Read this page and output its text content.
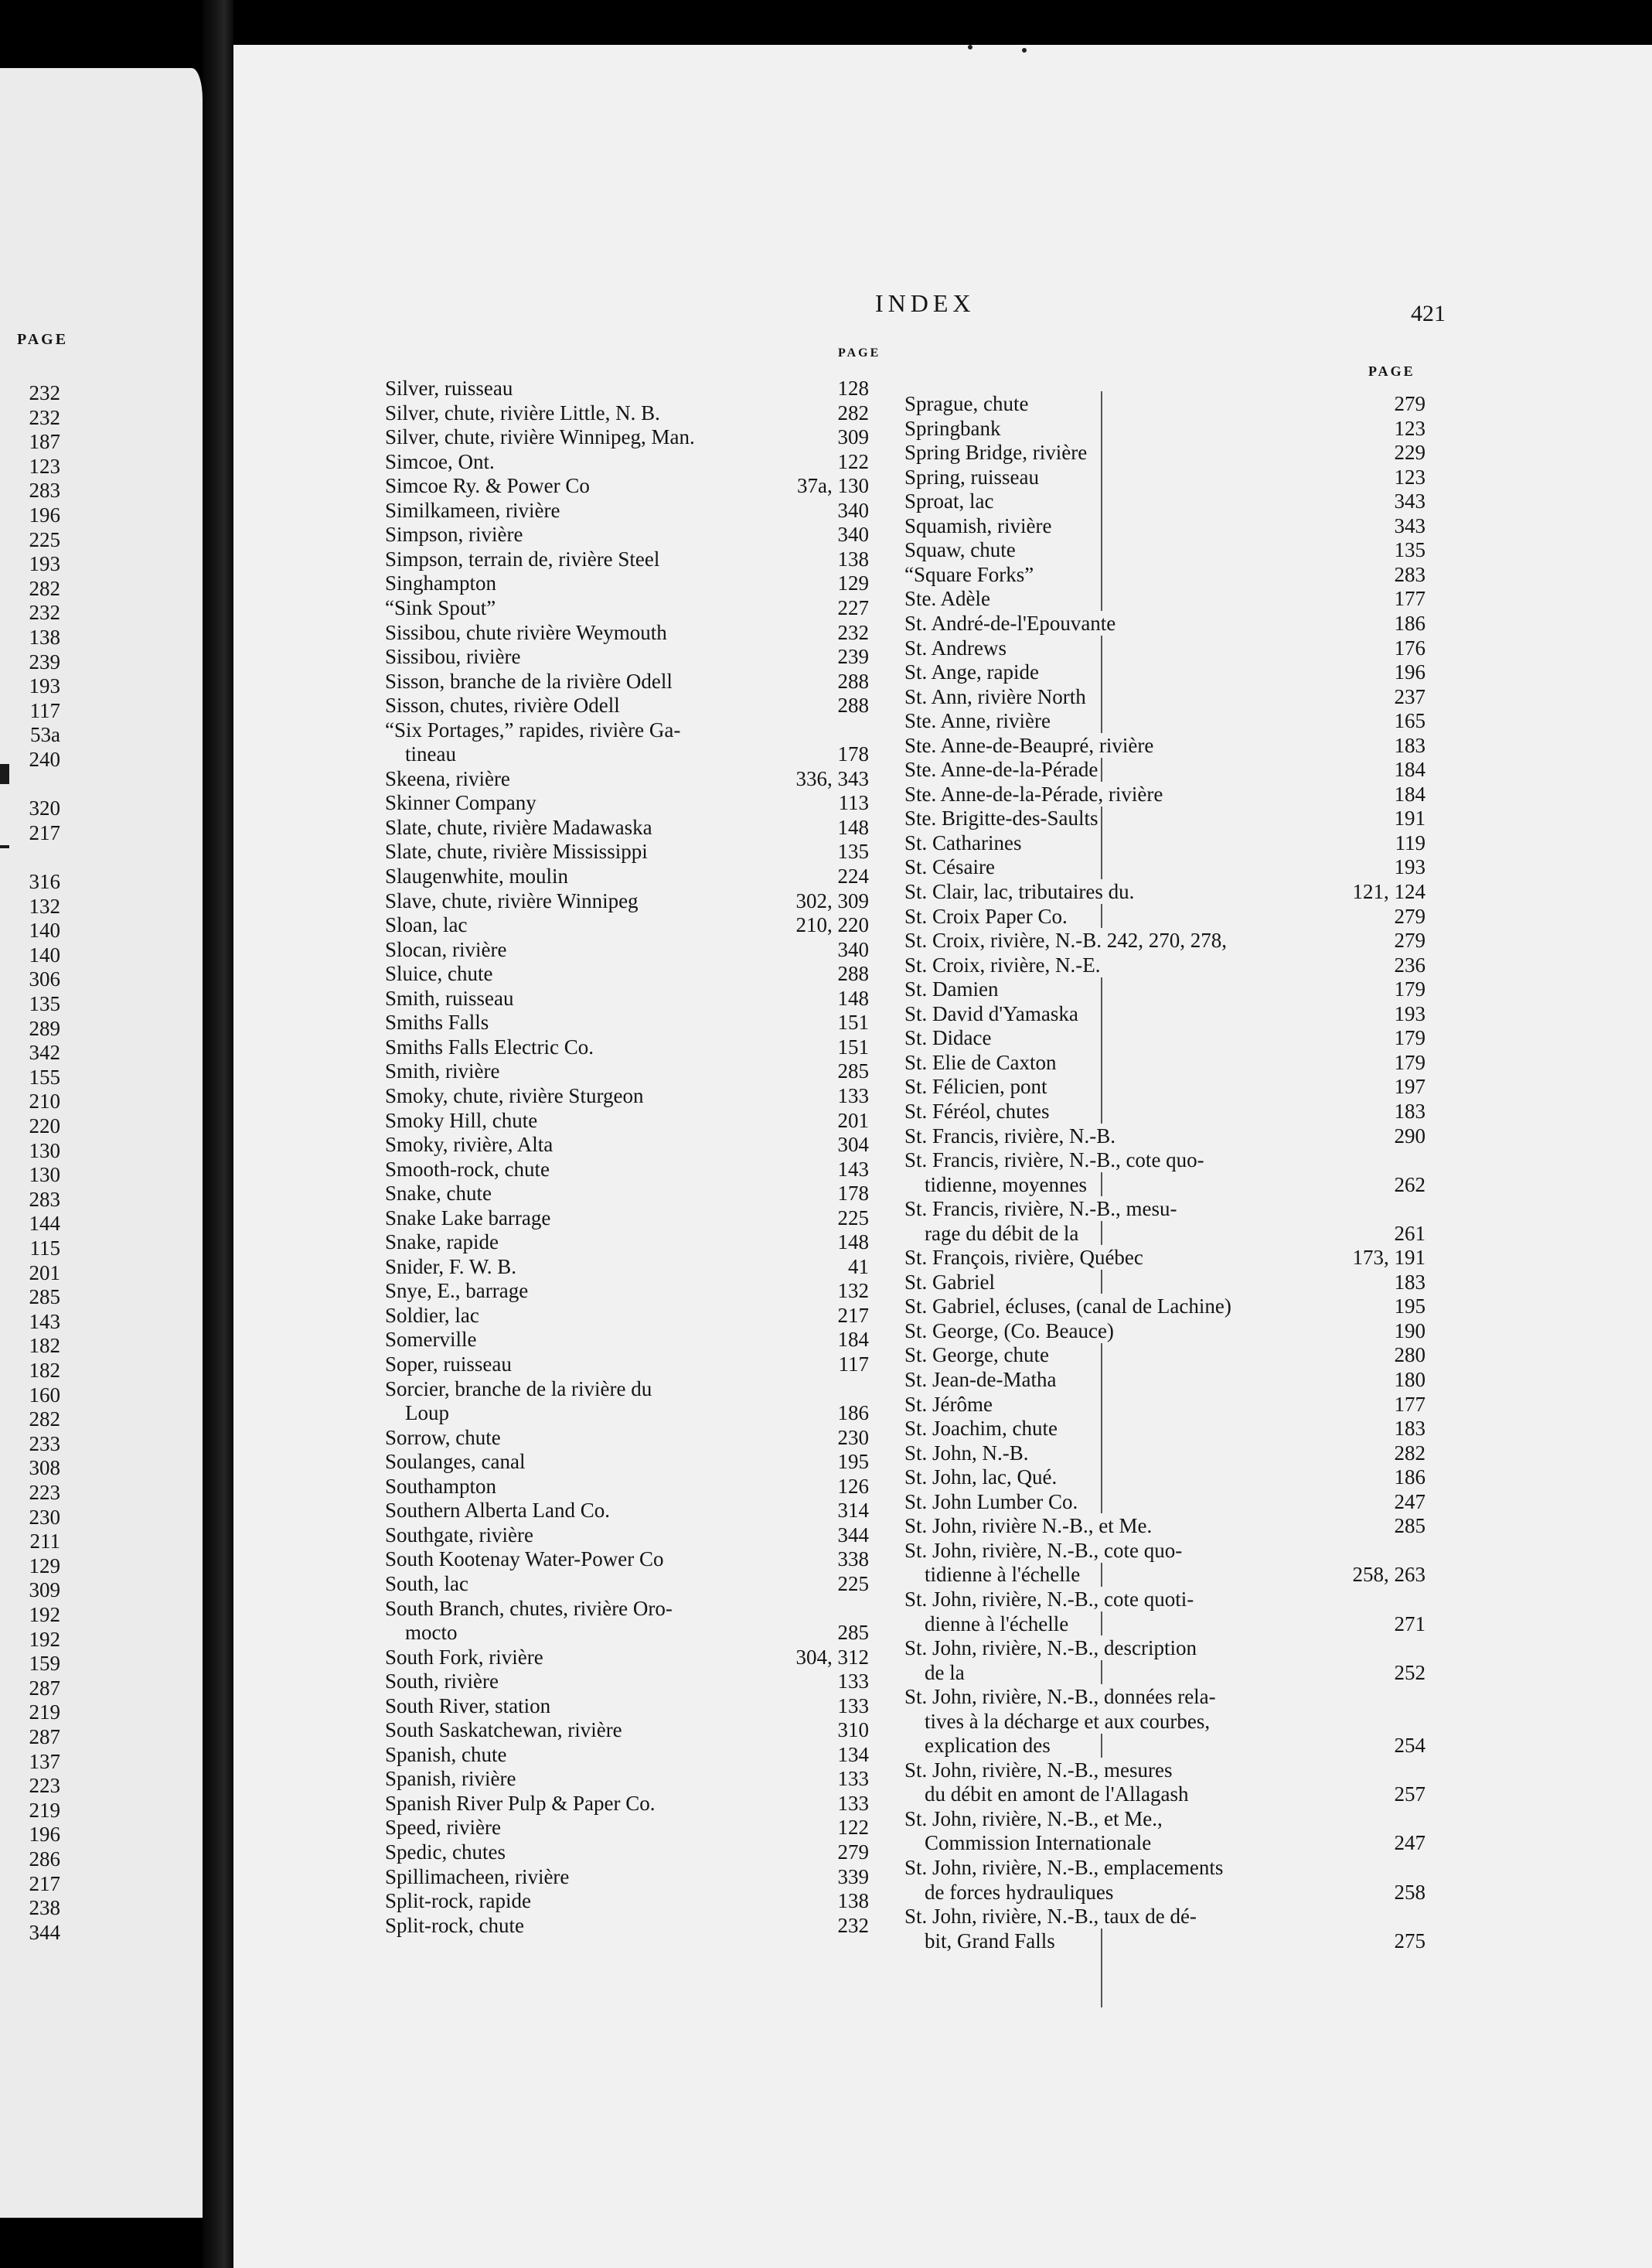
PAGE
232
232
187
123
283
196
225
193
282
232
138
239
193
117
53a
240
320
217
316
132
140
140
306
135
289
342
155
210
220
130
130
283
144
115
201
285
143
182
182
160
282
233
308
223
230
211
129
309
192
192
159
287
219
287
137
223
219
196
286
217
238
344
INDEX	421
PAGE
PAGE
Silver, ruisseau	128
Silver, chute, rivière Little, N. B.	282
Silver, chute, rivière Winnipeg, Man.	309
Simcoe, Ont.	122
Simcoe Ry. & Power Co	37a, 130
Similkameen, rivière	340
Simpson, rivière	340
Simpson, terrain de, rivière Steel	138
Singhampton	129
“Sink Spout”	227
Sissibou, chute rivière Weymouth	232
Sissibou, rivière	239
Sisson, branche de la rivière Odell	288
Sisson, chutes, rivière Odell	288
“Six Portages,” rapides, rivière Ga-
tineau	178
Skeena, rivière	336, 343
Skinner Company	113
Slate, chute, rivière Madawaska	148
Slate, chute, rivière Mississippi	135
Slaugenwhite, moulin	224
Slave, chute, rivière Winnipeg	302, 309
Sloan, lac	210, 220
Slocan, rivière	340
Sluice, chute	288
Smith, ruisseau	148
Smiths Falls	151
Smiths Falls Electric Co.	151
Smith, rivière	285
Smoky, chute, rivière Sturgeon	133
Smoky Hill, chute	201
Smoky, rivière, Alta	304
Smooth-rock, chute	143
Snake, chute	178
Snake Lake barrage	225
Snake, rapide	148
Snider, F. W. B.	41
Snye, E., barrage	132
Soldier, lac	217
Somerville	184
Soper, ruisseau	117
Sorcier, branche de la rivière du
Loup	186
Sorrow, chute	230
Soulanges, canal	195
Southampton	126
Southern Alberta Land Co.	314
Southgate, rivière	344
South Kootenay Water-Power Co	338
South, lac	225
South Branch, chutes, rivière Oro-
mocto	285
South Fork, rivière	304, 312
South, rivière	133
South River, station	133
South Saskatchewan, rivière	310
Spanish, chute	134
Spanish, rivière	133
Spanish River Pulp & Paper Co.	133
Speed, rivière	122
Spedic, chutes	279
Spillimacheen, rivière	339
Split-rock, rapide	138
Split-rock, chute	232
Sprague, chute	279
Springbank	123
Spring Bridge, rivière	229
Spring, ruisseau	123
Sproat, lac	343
Squamish, rivière	343
Squaw, chute	135
“Square Forks”	283
Ste. Adèle	177
St. André-de-l'Epouvante	186
St. Andrews	176
St. Ange, rapide	196
St. Ann, rivière North	237
Ste. Anne, rivière	165
Ste. Anne-de-Beaupré, rivière	183
Ste. Anne-de-la-Pérade	184
Ste. Anne-de-la-Pérade, rivière	184
Ste. Brigitte-des-Saults	191
St. Catharines	119
St. Césaire	193
St. Clair, lac, tributaires du.	121, 124
St. Croix Paper Co.	279
St. Croix, rivière, N.-B. 242, 270, 278,	279
St. Croix, rivière, N.-E.	236
St. Damien	179
St. David d'Yamaska	193
St. Didace	179
St. Elie de Caxton	179
St. Félicien, pont	197
St. Féréol, chutes	183
St. Francis, rivière, N.-B.	290
St. Francis, rivière, N.-B., cote quo-
tidienne, moyennes	262
St. Francis, rivière, N.-B., mesu-
rage du débit de la	261
St. François, rivière, Québec	173, 191
St. Gabriel	183
St. Gabriel, écluses, (canal de Lachine)	195
St. George, (Co. Beauce)	190
St. George, chute	280
St. Jean-de-Matha	180
St. Jérôme	177
St. Joachim, chute	183
St. John, N.-B.	282
St. John, lac, Qué.	186
St. John Lumber Co.	247
St. John, rivière N.-B., et Me.	285
St. John, rivière, N.-B., cote quo-
tidienne à l'échelle	258, 263
St. John, rivière, N.-B., cote quoti-
dienne à l'échelle	271
St. John, rivière, N.-B., description
de la	252
St. John, rivière, N.-B., données rela-
tives à la décharge et aux courbes,
explication des	254
St. John, rivière, N.-B., mesures
du débit en amont de l'Allagash	257
St. John, rivière, N.-B., et Me.,
Commission Internationale	247
St. John, rivière, N.-B., emplacements
de forces hydrauliques	258
St. John, rivière, N.-B., taux de dé-
bit, Grand Falls	275
